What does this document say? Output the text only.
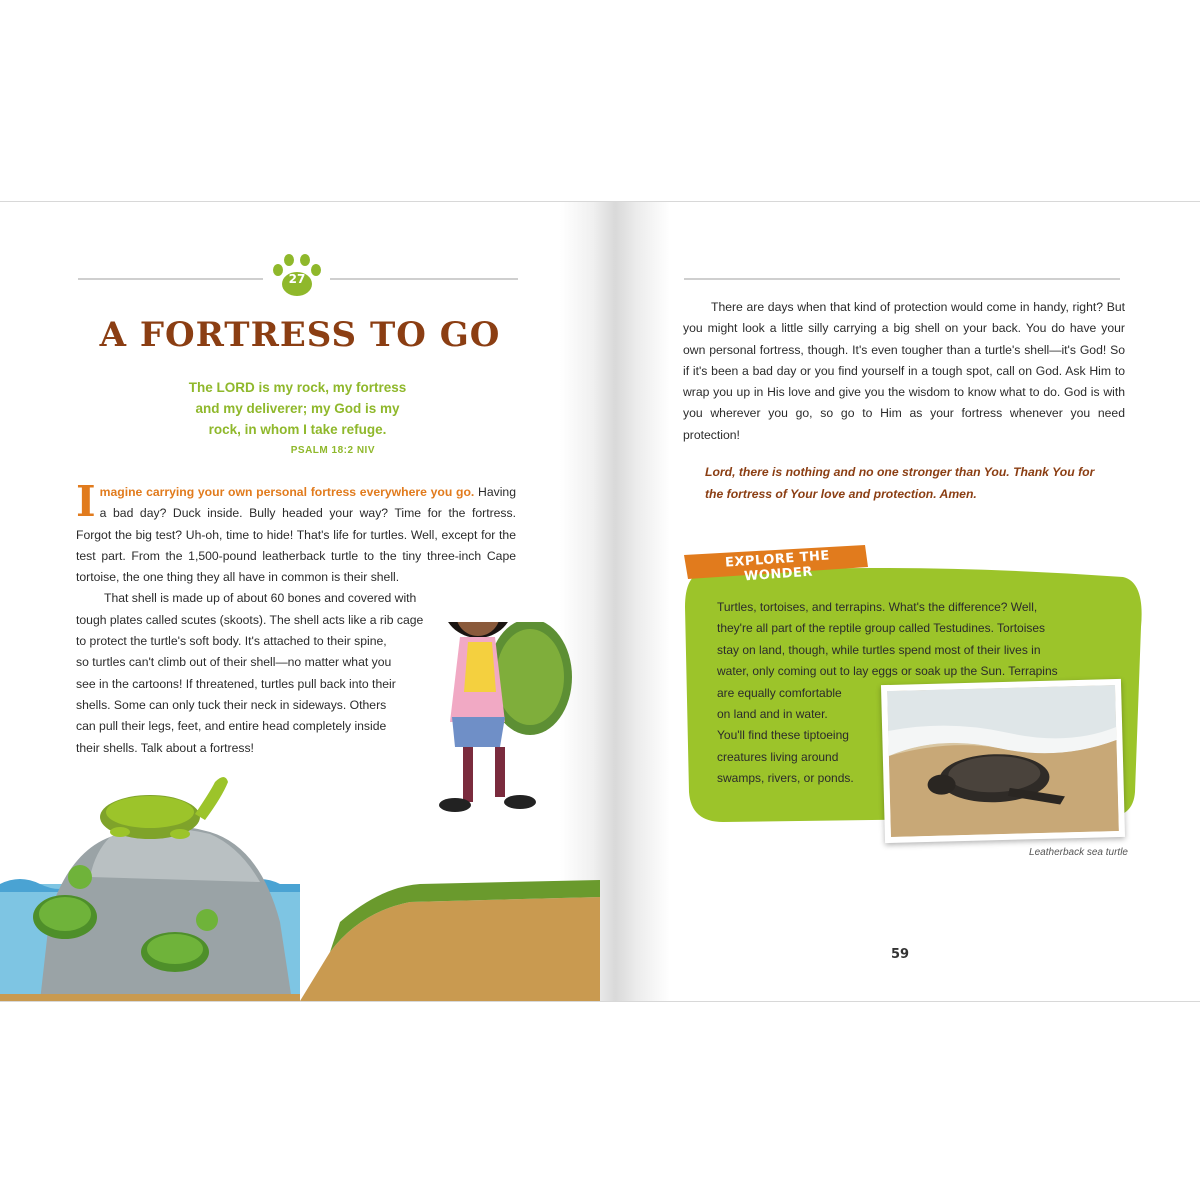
27
A FORTRESS TO GO
The LORD is my rock, my fortress
and my deliverer; my God is my
rock, in whom I take refuge.
PSALM 18:2 NIV

Imagine carrying your own personal fortress everywhere you go. Having a bad day? Duck inside. Bully headed your way? Time for the fortress. Forgot the big test? Uh-oh, time to hide! That's life for turtles. Well, except for the test part. From the 1,500-pound leatherback turtle to the tiny three-inch Cape tortoise, the one thing they all have in common is their shell.

That shell is made up of about 60 bones and covered with
tough plates called scutes (skoots). The shell acts like a rib cage
to protect the turtle's soft body. It's attached to their spine,
so turtles can't climb out of their shell—no matter what you
see in the cartoons! If threatened, turtles pull back into their
shells. Some can only tuck their neck in sideways. Others
can pull their legs, feet, and entire head completely inside
their shells. Talk about a fortress!

There are days when that kind of protection would come in handy, right? But you might look a little silly carrying a big shell on your back. You do have your own personal fortress, though. It's even tougher than a turtle's shell—it's God! So if it's been a bad day or you find yourself in a tough spot, call on God. Ask Him to wrap you up in His love and give you the wisdom to know what to do. God is with you wherever you go, so go to Him as your fortress whenever you need protection!

Lord, there is nothing and no one stronger than You. Thank You for the fortress of Your love and protection. Amen.
EXPLORE THE WONDER
Turtles, tortoises, and terrapins. What's the difference? Well,
they're all part of the reptile group called Testudines. Tortoises
stay on land, though, while turtles spend most of their lives in
water, only coming out to lay eggs or soak up the Sun. Terrapins
are equally comfortable
on land and in water.
You'll find these tiptoeing
creatures living around
swamps, rivers, or ponds.
Leatherback sea turtle
59
